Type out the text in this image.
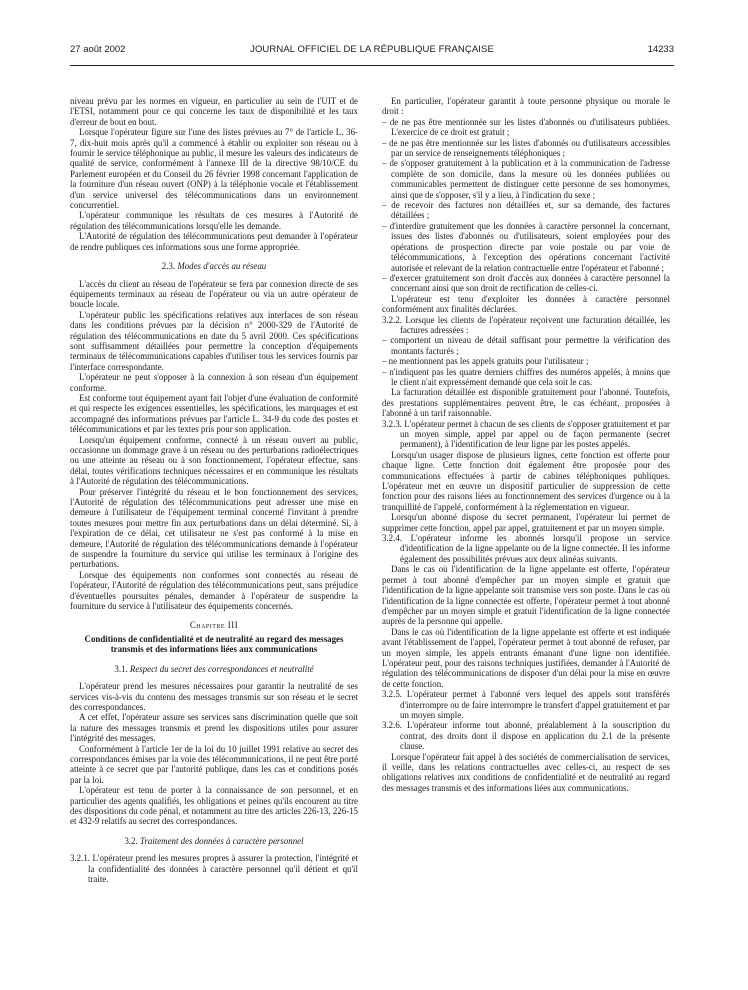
27 août 2002	JOURNAL OFFICIEL DE LA RÉPUBLIQUE FRANÇAISE	14233

niveau prévu par les normes en vigueur, en particulier au sein de l'UIT et de l'ETSI, notamment pour ce qui concerne les taux de disponibilité et les taux d'erreur de bout en bout.

Lorsque l'opérateur figure sur l'une des listes prévues au 7° de l'article L. 36-7, dix-huit mois après qu'il a commencé à établir ou exploiter son réseau ou à fournir le service téléphonique au public, il mesure les valeurs des indicateurs de qualité de service, conformément à l'annexe III de la directive 98/10/CE du Parlement européen et du Conseil du 26 février 1998 concernant l'application de la fourniture d'un réseau ouvert (ONP) à la téléphonie vocale et l'établissement d'un service universel des télécommunications dans un environnement concurrentiel.

L'opérateur communique les résultats de ces mesures à l'Autorité de régulation des télécommunications lorsqu'elle les demande.

L'Autorité de régulation des télécommunications peut demander à l'opérateur de rendre publiques ces informations sous une forme appropriée.

2.3. Modes d'accès au réseau

L'accès du client au réseau de l'opérateur se fera par connexion directe de ses équipements terminaux au réseau de l'opérateur ou via un autre opérateur de boucle locale.

L'opérateur public les spécifications relatives aux interfaces de son réseau dans les conditions prévues par la décision n° 2000-329 de l'Autorité de régulation des télécommunications en date du 5 avril 2000. Ces spécifications sont suffisamment détaillées pour permettre la conception d'équipements terminaux de télécommunications capables d'utiliser tous les services fournis par l'interface correspondante.

L'opérateur ne peut s'opposer à la connexion à son réseau d'un équipement conforme.

Est conforme tout équipement ayant fait l'objet d'une évaluation de conformité et qui respecte les exigences essentielles, les spécifications, les marquages et est accompagné des informations prévues par l'article L. 34-9 du code des postes et télécommunications et par les textes pris pour son application.

Lorsqu'un équipement conforme, connecté à un réseau ouvert au public, occasionne un dommage grave à un réseau ou des perturbations radioélectriques ou une atteinte au réseau ou à son fonctionnement, l'opérateur effectue, sans délai, toutes vérifications techniques nécessaires et en communique les résultats à l'Autorité de régulation des télécommunications.

Pour préserver l'intégrité du réseau et le bon fonctionnement des services, l'Autorité de régulation des télécommunications peut adresser une mise en demeure à l'utilisateur de l'équipement terminal concerné l'invitant à prendre toutes mesures pour mettre fin aux perturbations dans un délai déterminé. Si, à l'expiration de ce délai, cet utilisateur ne s'est pas conformé à la mise en demeure, l'Autorité de régulation des télécommunications demande à l'opérateur de suspendre la fourniture du service qui utilise les terminaux à l'origine des perturbations.

Lorsque des équipements non conformes sont connectés au réseau de l'opérateur, l'Autorité de régulation des télécommunications peut, sans préjudice d'éventuelles poursuites pénales, demander à l'opérateur de suspendre la fourniture du service à l'utilisateur des équipements concernés.

Chapitre III

Conditions de confidentialité et de neutralité au regard des messages transmis et des informations liées aux communications

3.1. Respect du secret des correspondances et neutralité

L'opérateur prend les mesures nécessaires pour garantir la neutralité de ses services vis-à-vis du contenu des messages transmis sur son réseau et le secret des correspondances.

A cet effet, l'opérateur assure ses services sans discrimination quelle que soit la nature des messages transmis et prend les dispositions utiles pour assurer l'intégrité des messages.

Conformément à l'article 1er de la loi du 10 juillet 1991 relative au secret des correspondances émises par la voie des télécommunications, il ne peut être porté atteinte à ce secret que par l'autorité publique, dans les cas et conditions posés par la loi.

L'opérateur est tenu de porter à la connaissance de son personnel, et en particulier des agents qualifiés, les obligations et peines qu'ils encourent au titre des dispositions du code pénal, et notamment au titre des articles 226-13, 226-15 et 432-9 relatifs au secret des correspondances.

3.2. Traitement des données à caractère personnel

3.2.1. L'opérateur prend les mesures propres à assurer la protection, l'intégrité et la confidentialité des données à caractère personnel qu'il détient et qu'il traite.

En particulier, l'opérateur garantit à toute personne physique ou morale le droit :

– de ne pas être mentionnée sur les listes d'abonnés ou d'utilisateurs publiées. L'exercice de ce droit est gratuit ;

– de ne pas être mentionnée sur les listes d'abonnés ou d'utilisateurs accessibles par un service de renseignements téléphoniques ;

– de s'opposer gratuitement à la publication et à la communication de l'adresse complète de son domicile, dans la mesure où les données publiées ou communicables permettent de distinguer cette personne de ses homonymes, ainsi que de s'opposer, s'il y a lieu, à l'indication du sexe ;

– de recevoir des factures non détaillées et, sur sa demande, des factures détaillées ;

– d'interdire gratuitement que les données à caractère personnel la concernant, issues des listes d'abonnés ou d'utilisateurs, soient employées pour des opérations de prospection directe par voie postale ou par voie de télécommunications, à l'exception des opérations concernant l'activité autorisée et relevant de la relation contractuelle entre l'opérateur et l'abonné ;

– d'exercer gratuitement son droit d'accès aux données à caractère personnel la concernant ainsi que son droit de rectification de celles-ci.

L'opérateur est tenu d'exploiter les données à caractère personnel conformément aux finalités déclarées.

3.2.2. Lorsque les clients de l'opérateur reçoivent une facturation détaillée, les factures adressées :

– comportent un niveau de détail suffisant pour permettre la vérification des montants facturés ;

– ne mentionnent pas les appels gratuits pour l'utilisateur ;

– n'indiquent pas les quatre derniers chiffres des numéros appelés, à moins que le client n'ait expressément demandé que cela soit le cas.

La facturation détaillée est disponible gratuitement pour l'abonné. Toutefois, des prestations supplémentaires peuvent être, le cas échéant, proposées à l'abonné à un tarif raisonnable.

3.2.3. L'opérateur permet à chacun de ses clients de s'opposer gratuitement et par un moyen simple, appel par appel ou de façon permanente (secret permanent), à l'identification de leur ligne par les postes appelés.

Lorsqu'un usager dispose de plusieurs lignes, cette fonction est offerte pour chaque ligne. Cette fonction doit également être proposée pour des communications effectuées à partir de cabines téléphoniques publiques. L'opérateur met en œuvre un dispositif particulier de suppression de cette fonction pour des raisons liées au fonctionnement des services d'urgence ou à la tranquillité de l'appelé, conformément à la réglementation en vigueur.

Lorsqu'un abonné dispose du secret permanent, l'opérateur lui permet de supprimer cette fonction, appel par appel, gratuitement et par un moyen simple.

3.2.4. L'opérateur informe les abonnés lorsqu'il propose un service d'identification de la ligne appelante ou de la ligne connectée. Il les informe également des possibilités prévues aux deux alinéas suivants.

Dans le cas où l'identification de la ligne appelante est offerte, l'opérateur permet à tout abonné d'empêcher par un moyen simple et gratuit que l'identification de la ligne appelante soit transmise vers son poste. Dans le cas où l'identification de la ligne connectée est offerte, l'opérateur permet à tout abonné d'empêcher par un moyen simple et gratuit l'identification de la ligne connectée auprès de la personne qui appelle.

Dans le cas où l'identification de la ligne appelante est offerte et est indiquée avant l'établissement de l'appel, l'opérateur permet à tout abonné de refuser, par un moyen simple, les appels entrants émanant d'une ligne non identifiée. L'opérateur peut, pour des raisons techniques justifiées, demander à l'Autorité de régulation des télécommunications de disposer d'un délai pour la mise en œuvre de cette fonction.

3.2.5. L'opérateur permet à l'abonné vers lequel des appels sont transférés d'interrompre ou de faire interrompre le transfert d'appel gratuitement et par un moyen simple.

3.2.6. L'opérateur informe tout abonné, préalablement à la souscription du contrat, des droits dont il dispose en application du 2.1 de la présente clause.

Lorsque l'opérateur fait appel à des sociétés de commercialisation de services, il veille, dans les relations contractuelles avec celles-ci, au respect de ses obligations relatives aux conditions de confidentialité et de neutralité au regard des messages transmis et des informations liées aux communications.
